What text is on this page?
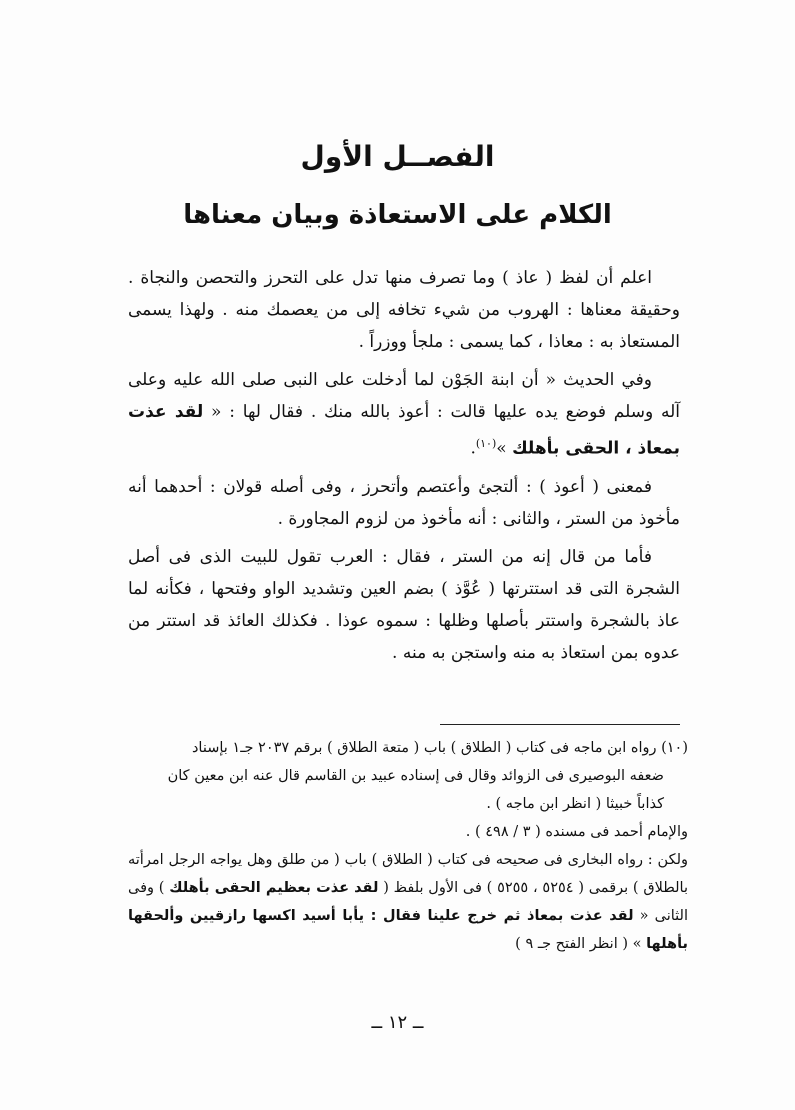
الفصــل الأول
الكلام على الاستعاذة وبيان معناها

اعلم أن لفظ ( عاذ ) وما تصرف منها تدل على التحرز والتحصن والنجاة . وحقيقة معناها : الهروب من شيء تخافه إلى من يعصمك منه . ولهذا يسمى المستعاذ به : معاذا ، كما يسمى : ملجأ ووزراً .

وفي الحديث « أن ابنة الجَوْن لما أدخلت على النبى صلى الله عليه وعلى آله وسلم فوضع يده عليها قالت : أعوذ بالله منك . فقال لها : « لقد عذت بمعاذ ، الحقى بأهلك »$^{(١٠)}$.

فمعنى ( أعوذ ) : ألتجئ وأعتصم وأتحرز ، وفى أصله قولان : أحدهما أنه مأخوذ من الستر ، والثانى : أنه مأخوذ من لزوم المجاورة .

فأما من قال إنه من الستر ، فقال : العرب تقول للبيت الذى فى أصل الشجرة التى قد استترتها ( عُوَّذ ) بضم العين وتشديد الواو وفتحها ، فكأنه لما عاذ بالشجرة واستتر بأصلها وظلها : سموه عوذا . فكذلك العائذ قد استتر من عدوه بمن استعاذ به منه واستجن به منه .

(١٠) رواه ابن ماجه فى كتاب ( الطلاق ) باب ( متعة الطلاق ) برقم ٢٠٣٧ جـ١ بإسناد

ضعفه البوصيرى فى الزوائد وقال فى إسناده عبيد بن القاسم قال عنه ابن معين كان

كذاباً خبيثا ( انظر ابن ماجه ) .

والإمام أحمد فى مسنده ( ٣ / ٤٩٨ ) .

ولكن : رواه البخارى فى صحيحه فى كتاب ( الطلاق ) باب ( من طلق وهل يواجه الرجل امرأته بالطلاق ) برقمى ( ٥٢٥٤ ، ٥٢٥٥ ) فى الأول بلفظ ( لقد عذت بعظيم الحقى بأهلك ) وفى الثانى « لقد عذت بمعاذ ثم خرج علينا فقال : يأبا أسيد اكسها رازقيين وألحقها بأهلها » ( انظر الفتح جـ ٩ )

ــ ١٢ ــ
